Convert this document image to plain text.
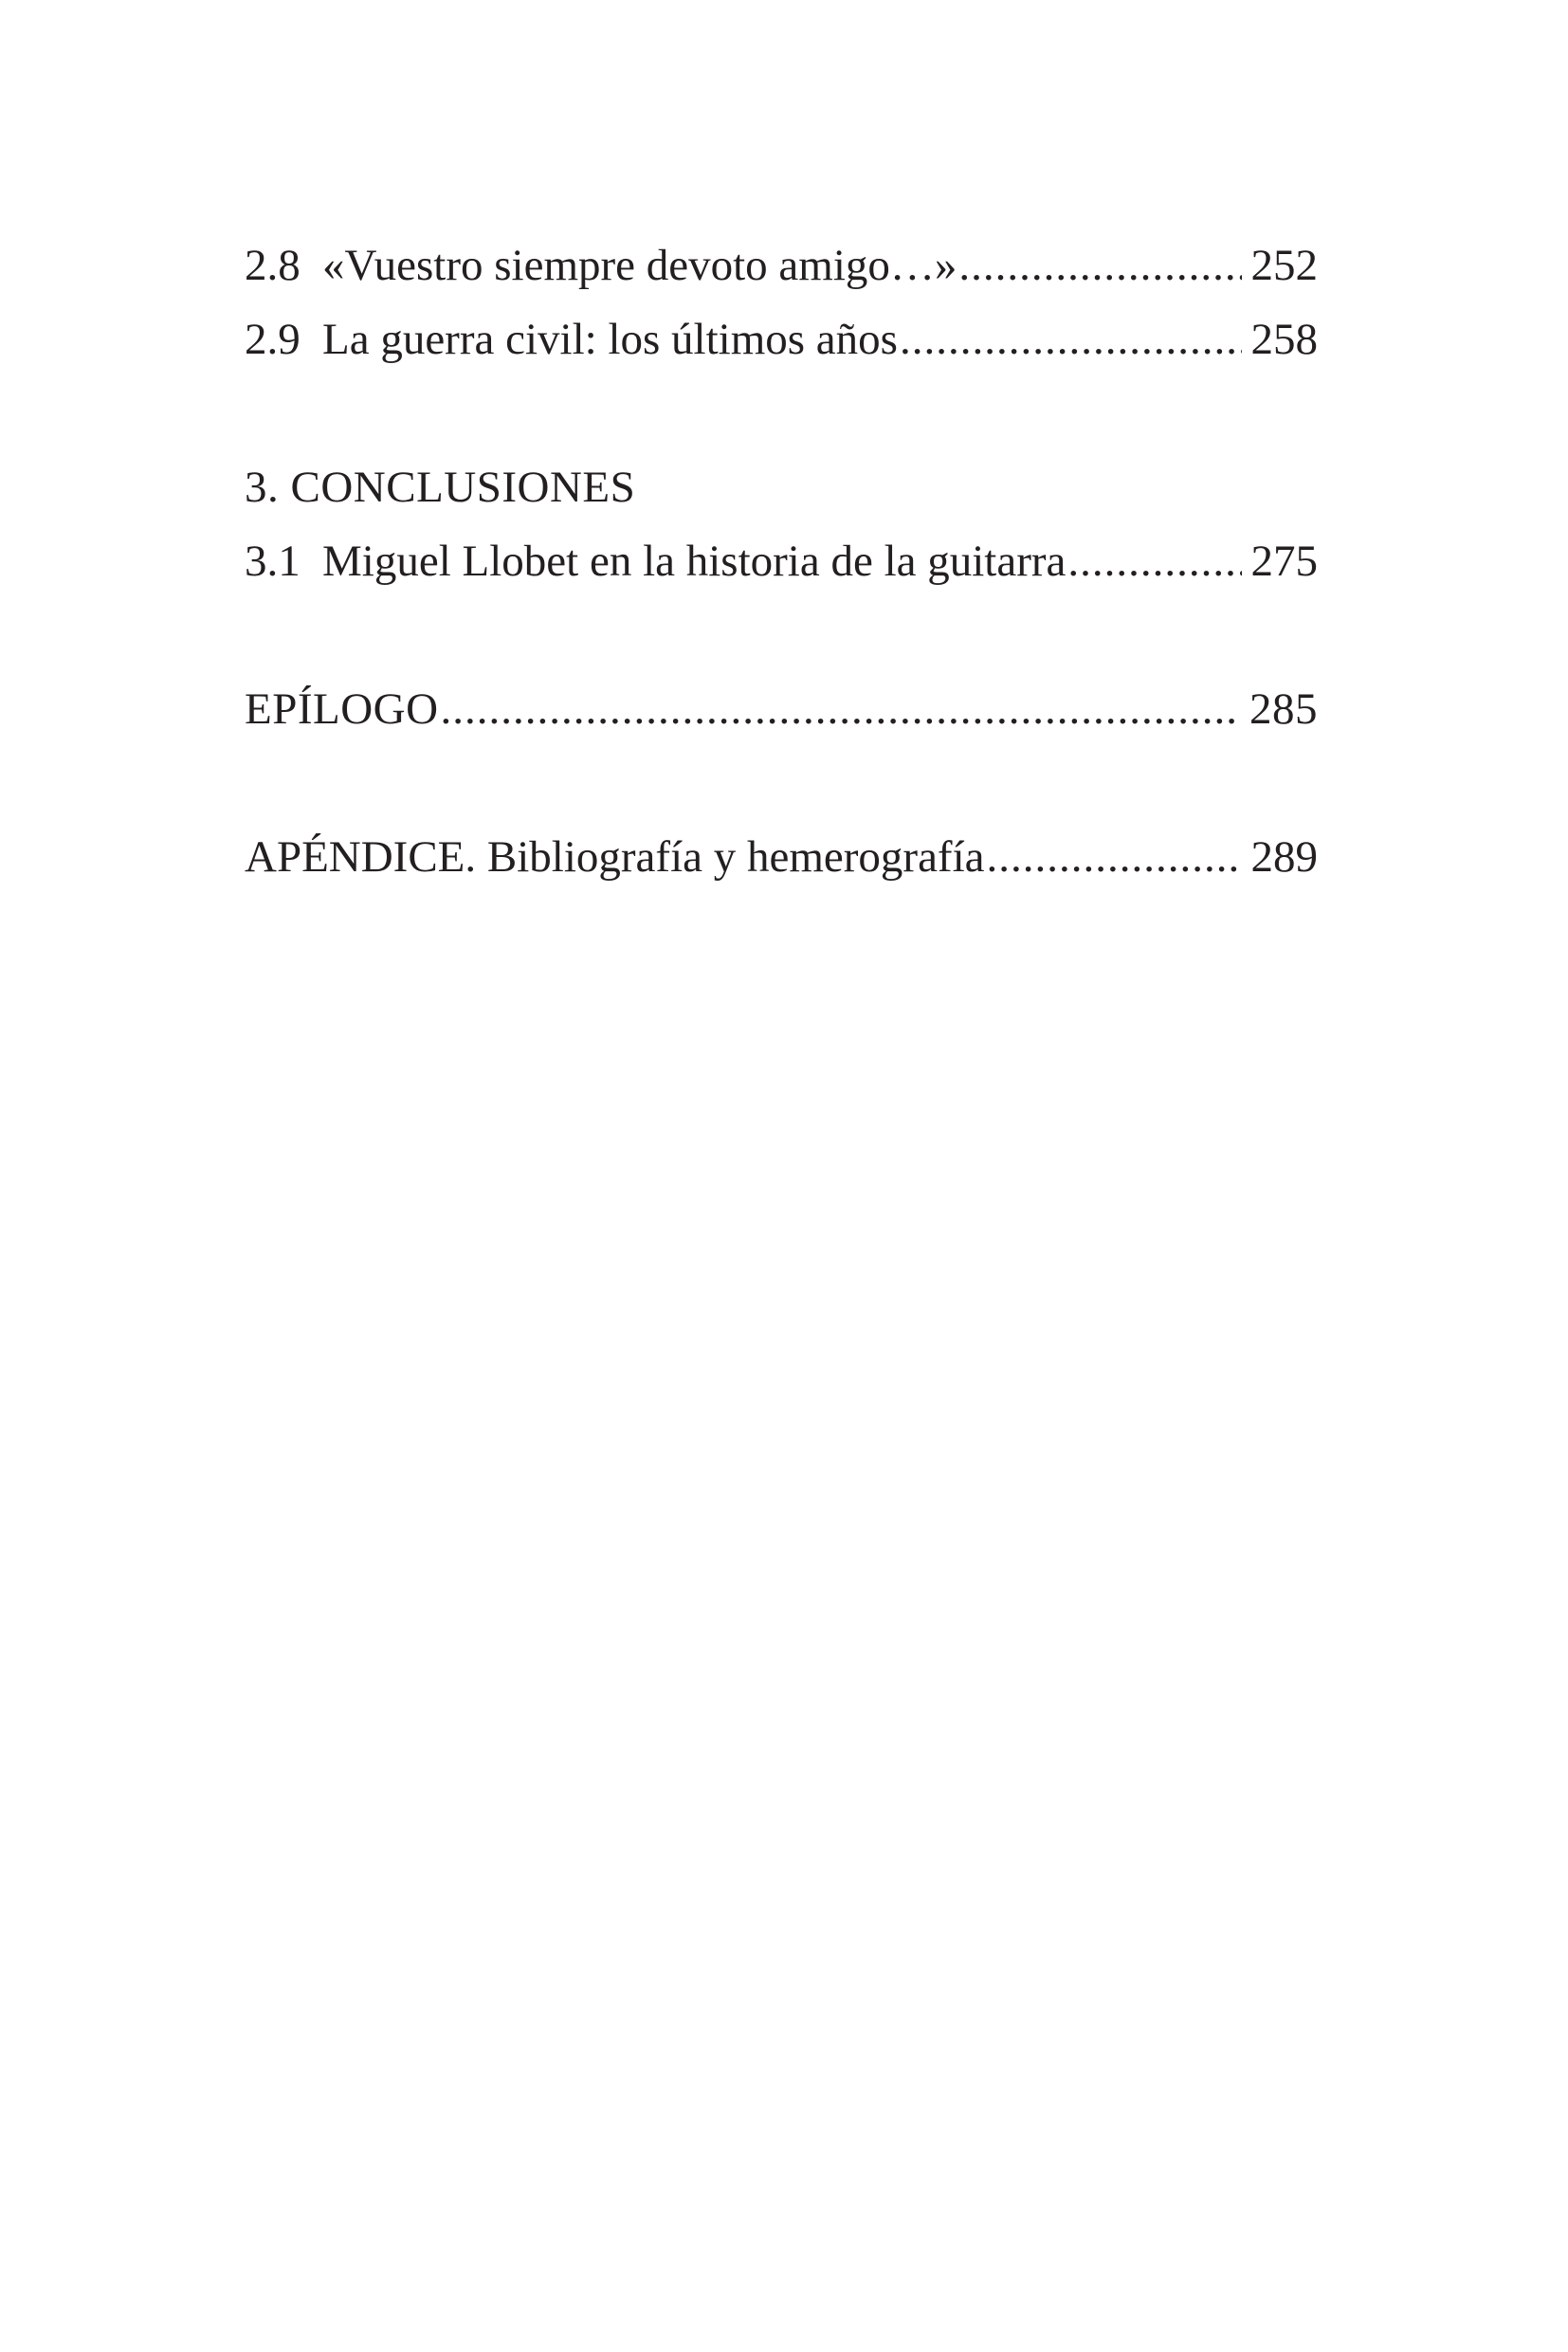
2.8 «Vuestro siempre devoto amigo…» .....	252
2.9 La guerra civil: los últimos años .....	258
3. CONCLUSIONES
3.1 Miguel Llobet en la historia de la guitarra .....	275
EPÍLOGO .....	285
APÉNDICE. Bibliografía y hemerografía .....	289
